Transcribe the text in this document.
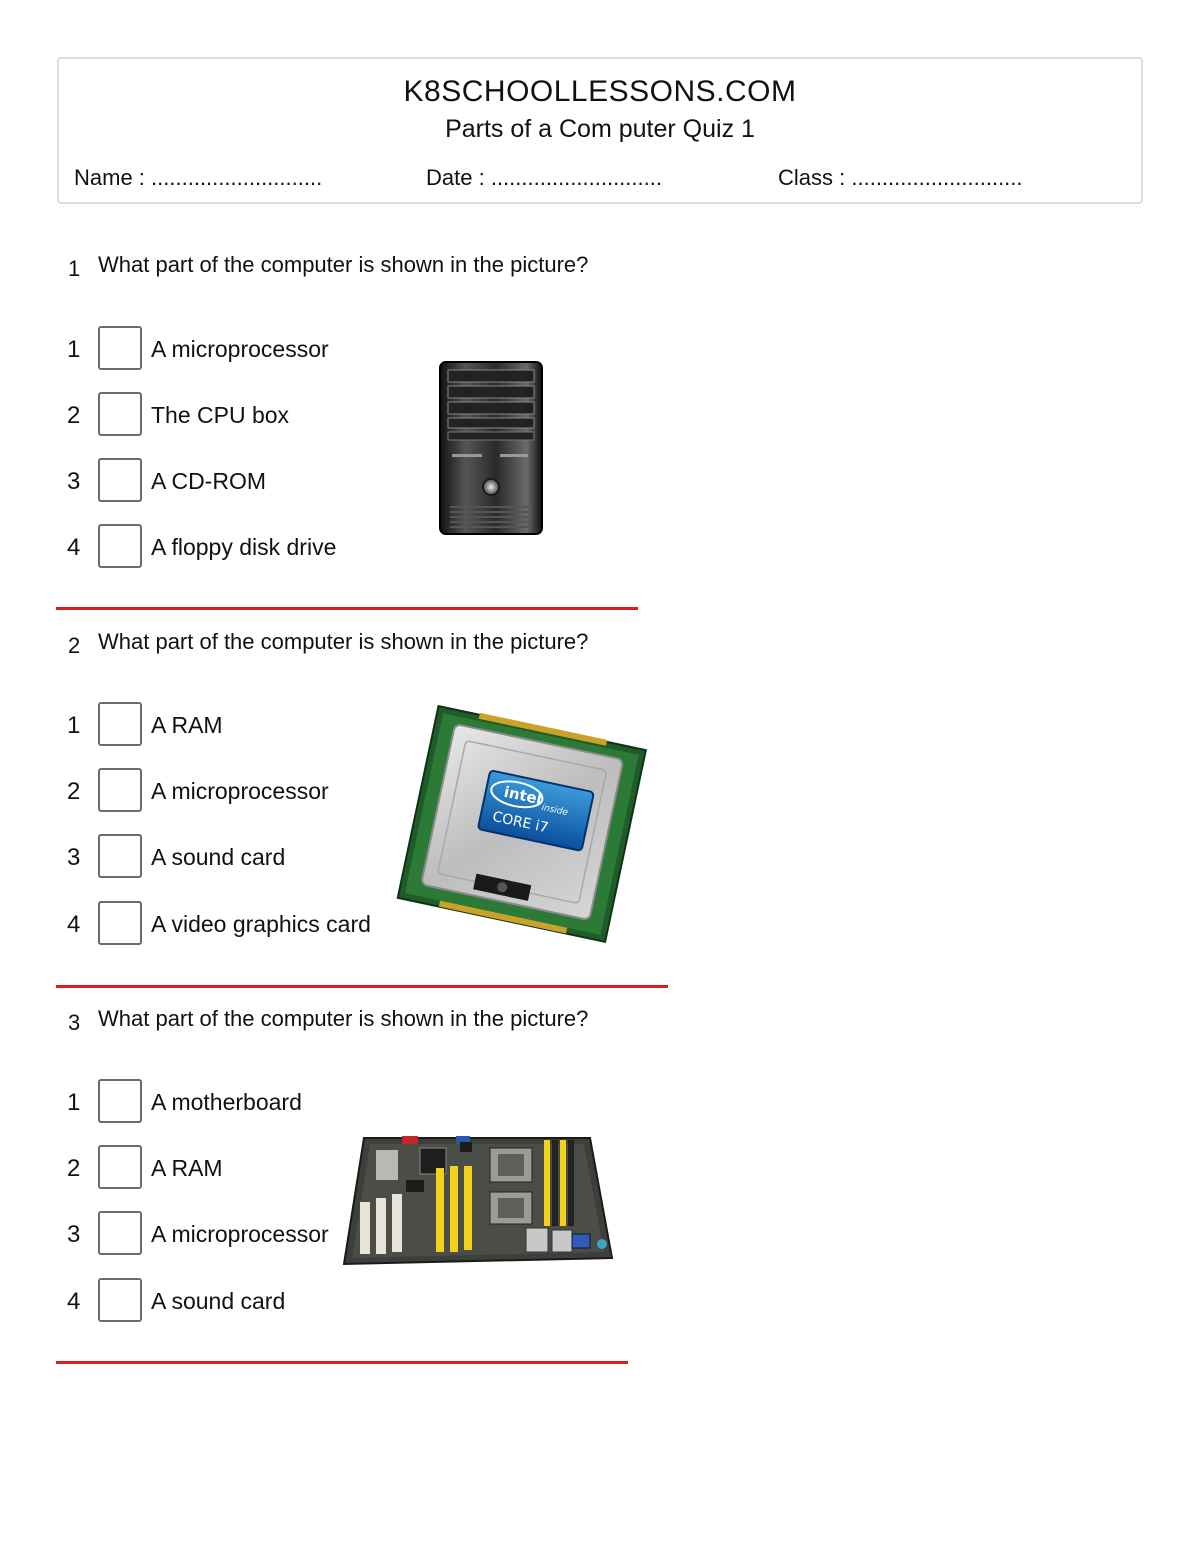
K8SCHOOLLESSONS.COM
Parts of a Com puter Quiz 1
Name : ............................	Date : ............................	Class : ............................
1 What part of the computer is shown in the picture?
1	A microprocessor
2	The CPU box
3	A CD-ROM
4	A floppy disk drive
2 What part of the computer is shown in the picture?
1	A RAM
2	A microprocessor
3	A sound card
4	A video graphics card
intel
inside
CORE i7
3 What part of the computer is shown in the picture?
1	A motherboard
2	A RAM
3	A microprocessor
4	A sound card
